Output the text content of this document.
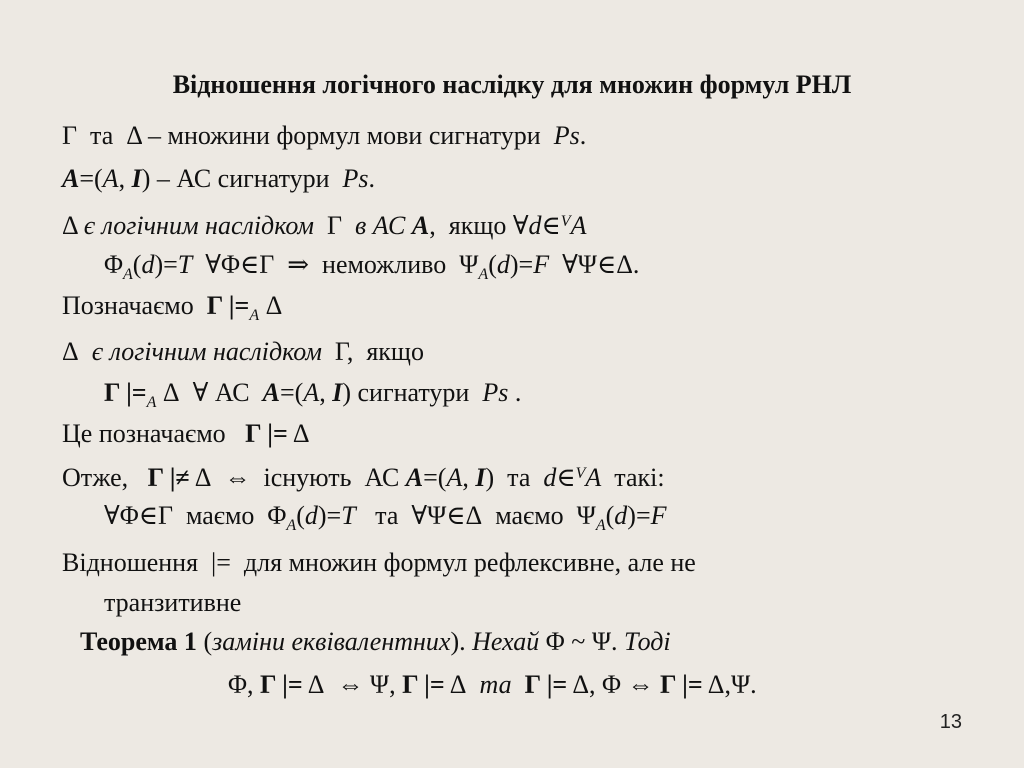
Відношення логічного наслідку для множин формул РНЛ
Γ  та  Δ – множини формул мови сигнатури  Ps.
A=(A, I) – АС сигнатури  Ps.
Δ є логічним наслідком  Γ  в АС A,  якщо ∀d∈$^V$A
$\Phi_A(d)=T$  ∀Φ∈Γ  ⇒  неможливо  $\Psi_A(d)=F$  ∀Ψ∈Δ.
Позначаємо  Γ $|=_A$ Δ
Δ  є логічним наслідком  Γ,  якщо
Γ $|=_A$ Δ  ∀ АС  A=(A, I) сигнатури  Ps .
Це позначаємо   Γ |= Δ
Отже,   Γ |≠ Δ  ⇔  існують  АС A=(A, I)  та  d∈$^V$A  такі:
∀Φ∈Γ  маємо  $\Phi_A(d)=T$   та  ∀Ψ∈Δ  маємо  $\Psi_A(d)=F$
Відношення  |=  для множин формул рефлексивне, але не
транзитивне
Теорема 1 (заміни еквівалентних). Нехай Φ ~ Ψ. Тоді
Φ, Γ |= Δ  ⇔ Ψ, Γ |= Δ  та Γ |= Δ, Φ ⇔ Γ |= Δ,Ψ.
13
